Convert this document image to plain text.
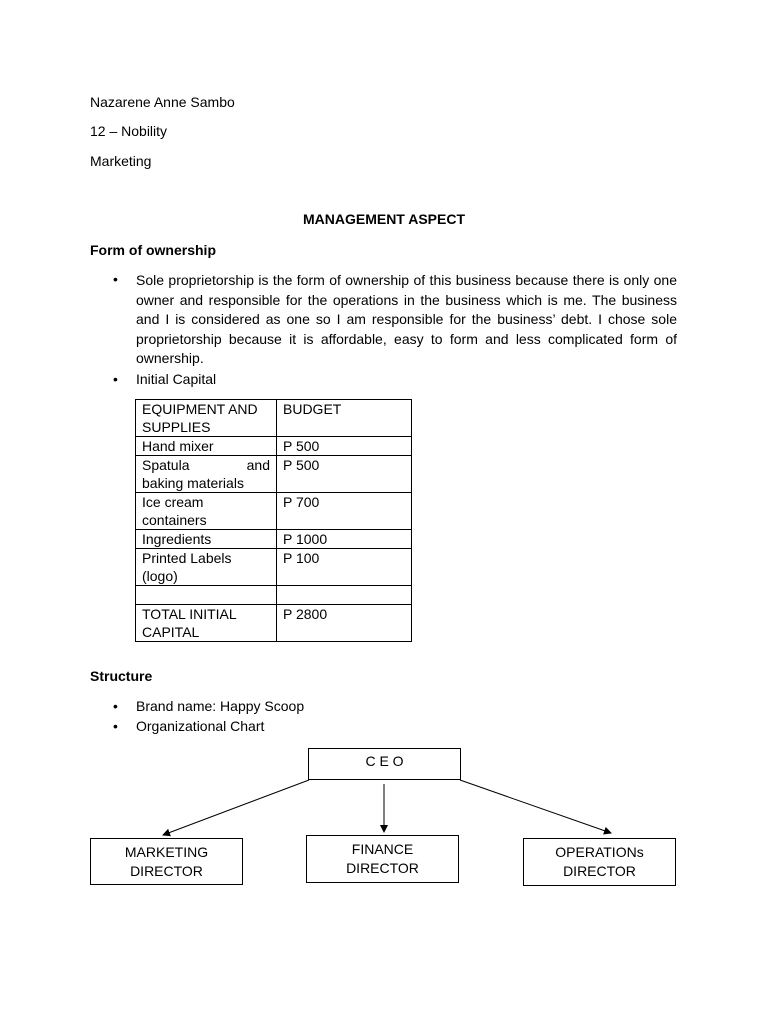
Nazarene Anne Sambo
12 – Nobility
Marketing
MANAGEMENT ASPECT
Form of ownership
• Sole proprietorship is the form of ownership of this business because there is only one owner and responsible for the operations in the business which is me. The business and I is considered as one so I am responsible for the business’ debt. I chose sole proprietorship because it is affordable, easy to form and less complicated form of ownership.
• Initial Capital
EQUIPMENT AND
SUPPLIES	BUDGET

Hand mixer	P 500

Spatula and
baking materials	P 500

Ice cream
containers	P 700

Ingredients	P 1000

Printed Labels
(logo)	P 100

TOTAL INITIAL
CAPITAL	P 2800
Structure
• Brand name: Happy Scoop
• Organizational Chart
C E O
MARKETING
DIRECTOR
FINANCE
DIRECTOR
OPERATIONs
DIRECTOR
